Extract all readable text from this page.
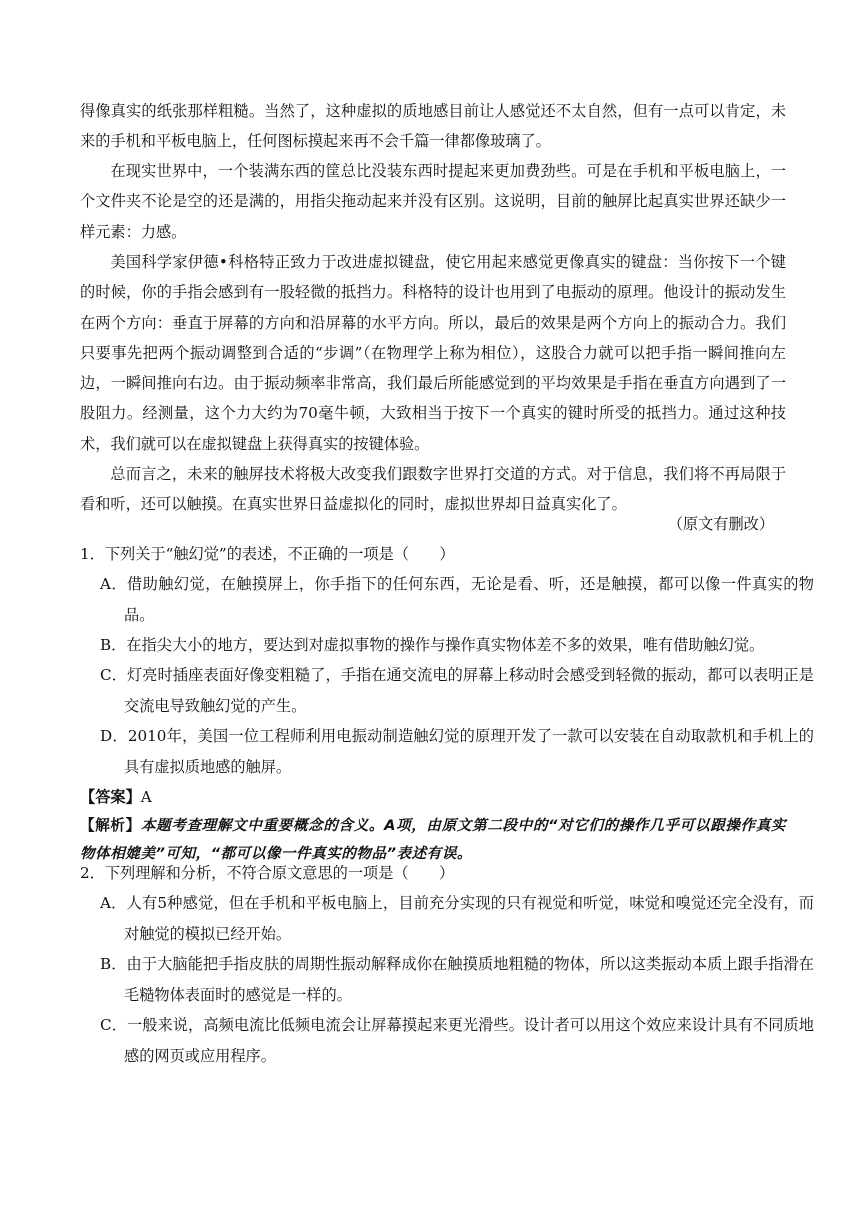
得像真实的纸张那样粗糙。当然了，这种虚拟的质地感目前让人感觉还不太自然，但有一点可以肯定，未来的手机和平板电脑上，任何图标摸起来再不会千篇一律都像玻璃了。

在现实世界中，一个装满东西的筐总比没装东西时提起来更加费劲些。可是在手机和平板电脑上，一个文件夹不论是空的还是满的，用指尖拖动起来并没有区别。这说明，目前的触屏比起真实世界还缺少一样元素：力感。

美国科学家伊德•科格特正致力于改进虚拟键盘，使它用起来感觉更像真实的键盘：当你按下一个键的时候，你的手指会感到有一股轻微的抵挡力。科格特的设计也用到了电振动的原理。他设计的振动发生在两个方向：垂直于屏幕的方向和沿屏幕的水平方向。所以，最后的效果是两个方向上的振动合力。我们只要事先把两个振动调整到合适的“步调”（在物理学上称为相位），这股合力就可以把手指一瞬间推向左边，一瞬间推向右边。由于振动频率非常高，我们最后所能感觉到的平均效果是手指在垂直方向遇到了一股阻力。经测量，这个力大约为70毫牛顿，大致相当于按下一个真实的键时所受的抵挡力。通过这种技术，我们就可以在虚拟键盘上获得真实的按键体验。

总而言之，未来的触屏技术将极大改变我们跟数字世界打交道的方式。对于信息，我们将不再局限于看和听，还可以触摸。在真实世界日益虚拟化的同时，虚拟世界却日益真实化了。

（原文有删改）

1．下列关于“触幻觉”的表述，不正确的一项是（　　）

A．借助触幻觉，在触摸屏上，你手指下的任何东西，无论是看、听，还是触摸，都可以像一件真实的物品。

B．在指尖大小的地方，要达到对虚拟事物的操作与操作真实物体差不多的效果，唯有借助触幻觉。

C．灯亮时插座表面好像变粗糙了，手指在通交流电的屏幕上移动时会感受到轻微的振动，都可以表明正是交流电导致触幻觉的产生。

D．2010年，美国一位工程师利用电振动制造触幻觉的原理开发了一款可以安装在自动取款机和手机上的具有虚拟质地感的触屏。

【答案】A

【解析】本题考查理解文中重要概念的含义。A项，由原文第二段中的“对它们的操作几乎可以跟操作真实物体相媲美”可知，“都可以像一件真实的物品”表述有误。

2．下列理解和分析，不符合原文意思的一项是（　　）

A．人有5种感觉，但在手机和平板电脑上，目前充分实现的只有视觉和听觉，味觉和嗅觉还完全没有，而对触觉的模拟已经开始。

B．由于大脑能把手指皮肤的周期性振动解释成你在触摸质地粗糙的物体，所以这类振动本质上跟手指滑在毛糙物体表面时的感觉是一样的。

C．一般来说，高频电流比低频电流会让屏幕摸起来更光滑些。设计者可以用这个效应来设计具有不同质地感的网页或应用程序。
